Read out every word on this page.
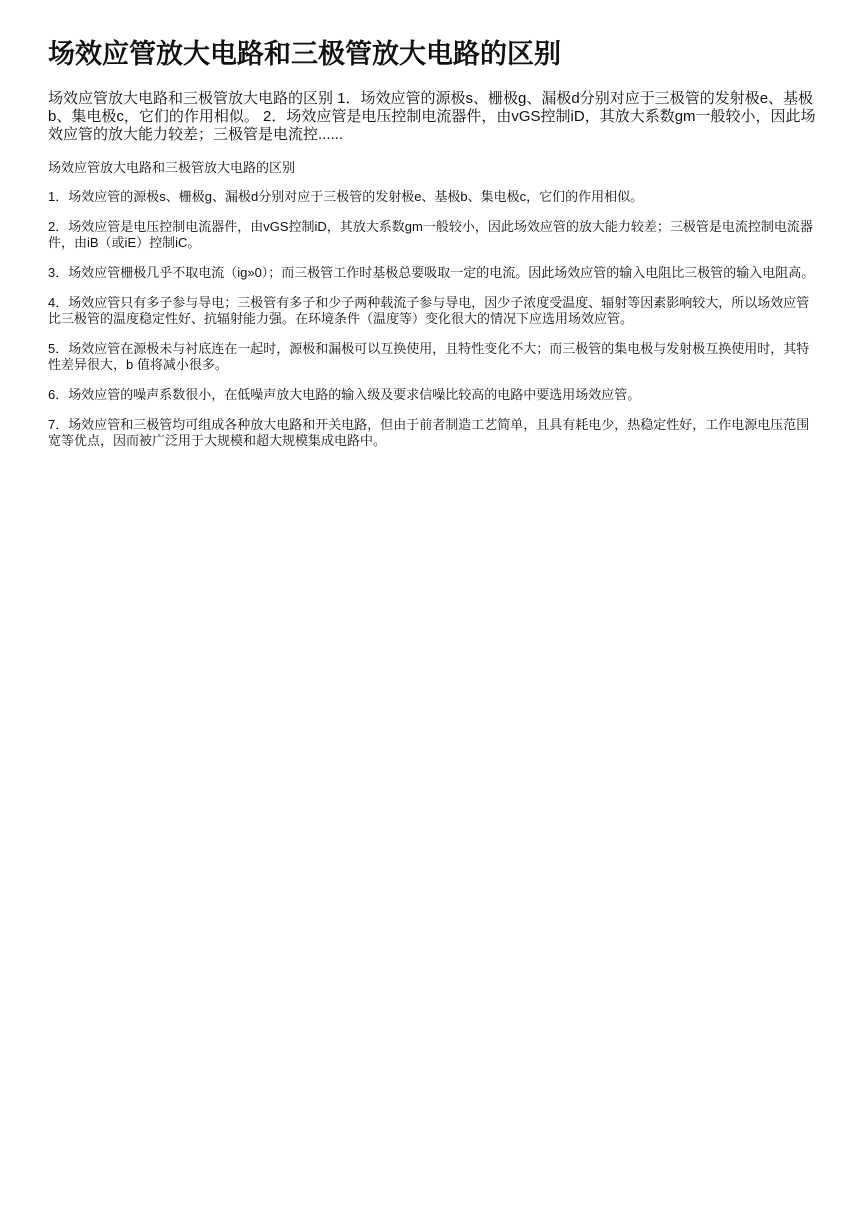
场效应管放大电路和三极管放大电路的区别

场效应管放大电路和三极管放大电路的区别 1．场效应管的源极s、栅极g、漏极d分别对应于三极管的发射极e、基极b、集电极c，它们的作用相似。 2．场效应管是电压控制电流器件，由vGS控制iD，其放大系数gm一般较小，因此场效应管的放大能力较差；三极管是电流控......

场效应管放大电路和三极管放大电路的区别

1．场效应管的源极s、栅极g、漏极d分别对应于三极管的发射极e、基极b、集电极c，它们的作用相似。
2．场效应管是电压控制电流器件，由vGS控制iD，其放大系数gm一般较小，因此场效应管的放大能力较差；三极管是电流控制电流器件，由iB（或iE）控制iC。
3．场效应管栅极几乎不取电流（ig»0）；而三极管工作时基极总要吸取一定的电流。因此场效应管的输入电阻比三极管的输入电阻高。
4．场效应管只有多子参与导电；三极管有多子和少子两种载流子参与导电，因少子浓度受温度、辐射等因素影响较大，所以场效应管比三极管的温度稳定性好、抗辐射能力强。在环境条件（温度等）变化很大的情况下应选用场效应管。
5．场效应管在源极未与衬底连在一起时，源极和漏极可以互换使用，且特性变化不大；而三极管的集电极与发射极互换使用时，其特性差异很大，b 值将减小很多。
6．场效应管的噪声系数很小，在低噪声放大电路的输入级及要求信噪比较高的电路中要选用场效应管。
7．场效应管和三极管均可组成各种放大电路和开关电路，但由于前者制造工艺简单，且具有耗电少，热稳定性好，工作电源电压范围宽等优点，因而被广泛用于大规模和超大规模集成电路中。
